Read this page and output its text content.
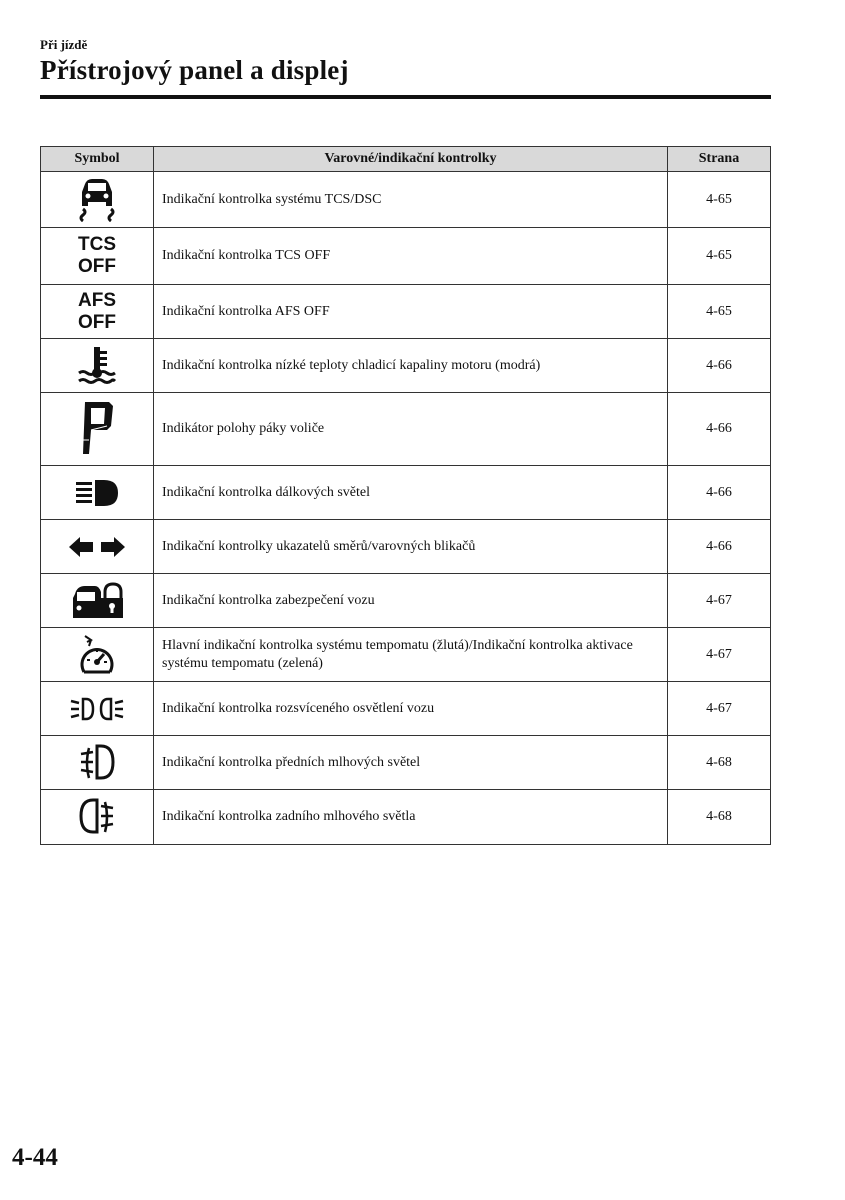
Při jízdě
Přístrojový panel a displej
Symbol	Varovné/indikační kontrolky	Strana

	Indikační kontrolka systému TCS/DSC	4-65

TCS
OFF	Indikační kontrolka TCS OFF	4-65

AFS
OFF	Indikační kontrolka AFS OFF	4-65

	Indikační kontrolka nízké teploty chladicí kapaliny motoru (modrá)	4-66

	Indikátor polohy páky voliče	4-66

	Indikační kontrolka dálkových světel	4-66

	Indikační kontrolky ukazatelů směrů/varovných blikačů	4-66

	Indikační kontrolka zabezpečení vozu	4-67

	Hlavní indikační kontrolka systému tempomatu (žlutá)/Indikační kontrolka aktivace systému tempomatu (zelená)	4-67

	Indikační kontrolka rozsvíceného osvětlení vozu	4-67

	Indikační kontrolka předních mlhových světel	4-68

	Indikační kontrolka zadního mlhového světla	4-68
4-44
